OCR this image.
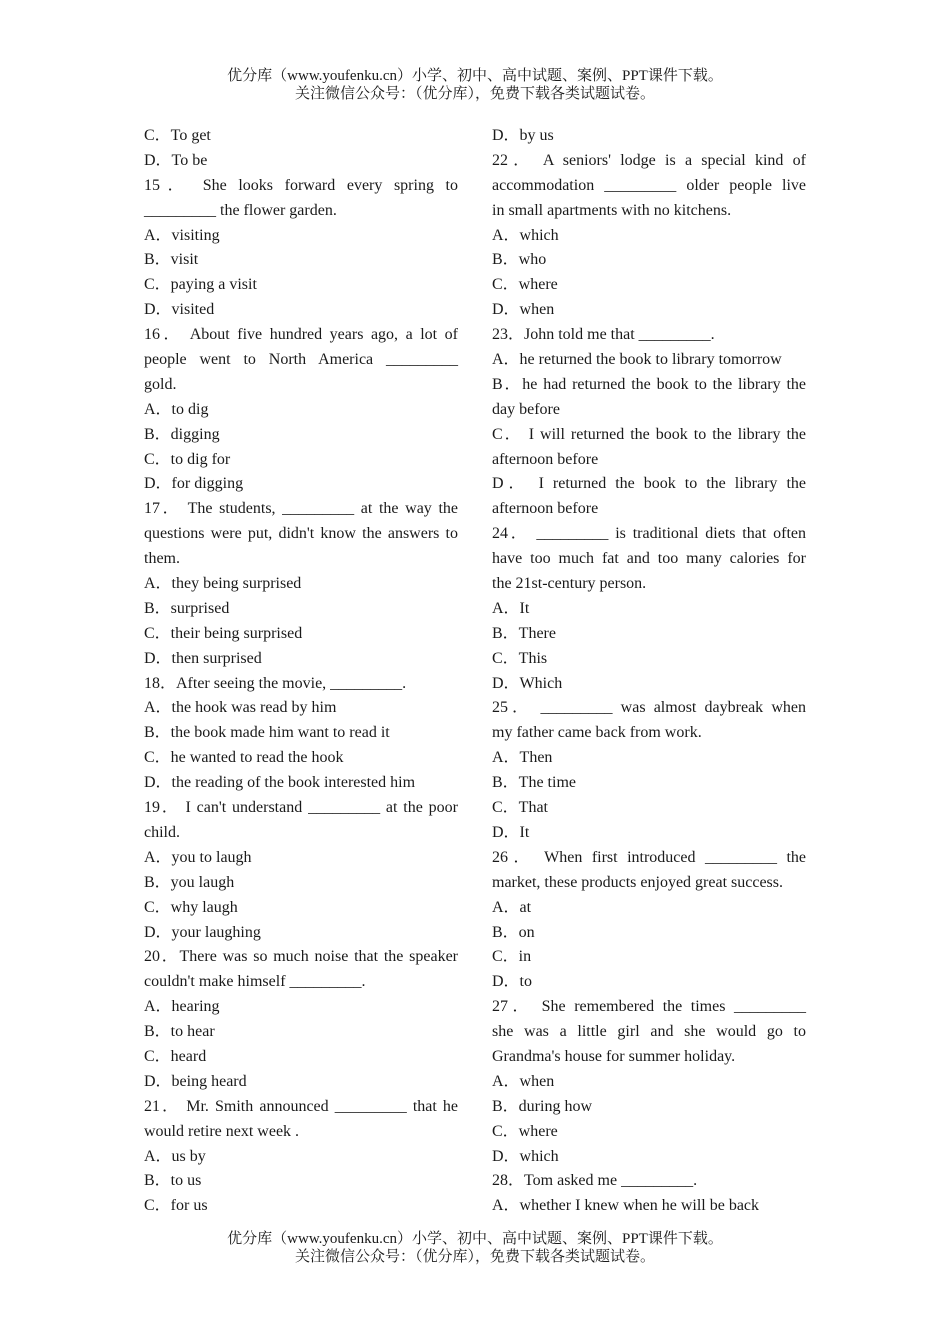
优分库（www.youfenku.cn）小学、初中、高中试题、案例、PPT课件下载。
关注微信公众号：（优分库），免费下载各类试题试卷。
C．To get
D．To be
15． She looks forward every spring to
_________ the flower garden.
A．visiting
B．visit
C．paying a visit
D．visited
16． About five hundred years ago, a lot of
people went to North America _________
gold.
A．to dig
B．digging
C．to dig for
D．for digging
17． The students, _________ at the way the
questions were put, didn't know the answers to
them.
A．they being surprised
B．surprised
C．their being surprised
D．then surprised
18．After seeing the movie, _________.
A．the hook was read by him
B．the book made him want to read it
C．he wanted to read the hook
D．the reading of the book interested him
19． I can't understand _________ at the poor
child.
A．you to laugh
B．you laugh
C．why laugh
D．your laughing
20．There was so much noise that the speaker
couldn't make himself _________.
A．hearing
B．to hear
C．heard
D．being heard
21． Mr. Smith announced _________ that he
would retire next week .
A．us by
B．to us
C．for us
D．by us
22． A seniors' lodge is a special kind of
accommodation _________ older people live
in small apartments with no kitchens.
A．which
B．who
C．where
D．when
23．John told me that _________.
A．he returned the book to library tomorrow
B．he had returned the book to the library the
day before
C． I will returned the book to the library the
afternoon before
D． I returned the book to the library the
afternoon before
24． _________ is traditional diets that often
have too much fat and too many calories for
the 21st-century person.
A．It
B．There
C．This
D．Which
25． _________ was almost daybreak when
my father came back from work.
A．Then
B．The time
C．That
D．It
26． When first introduced _________ the
market, these products enjoyed great success.
A．at
B．on
C．in
D．to
27． She remembered the times _________
she was a little girl and she would go to
Grandma's house for summer holiday.
A．when
B．during how
C．where
D．which
28．Tom asked me _________.
A．whether I knew when he will be back
优分库（www.youfenku.cn）小学、初中、高中试题、案例、PPT课件下载。
关注微信公众号：（优分库），免费下载各类试题试卷。
